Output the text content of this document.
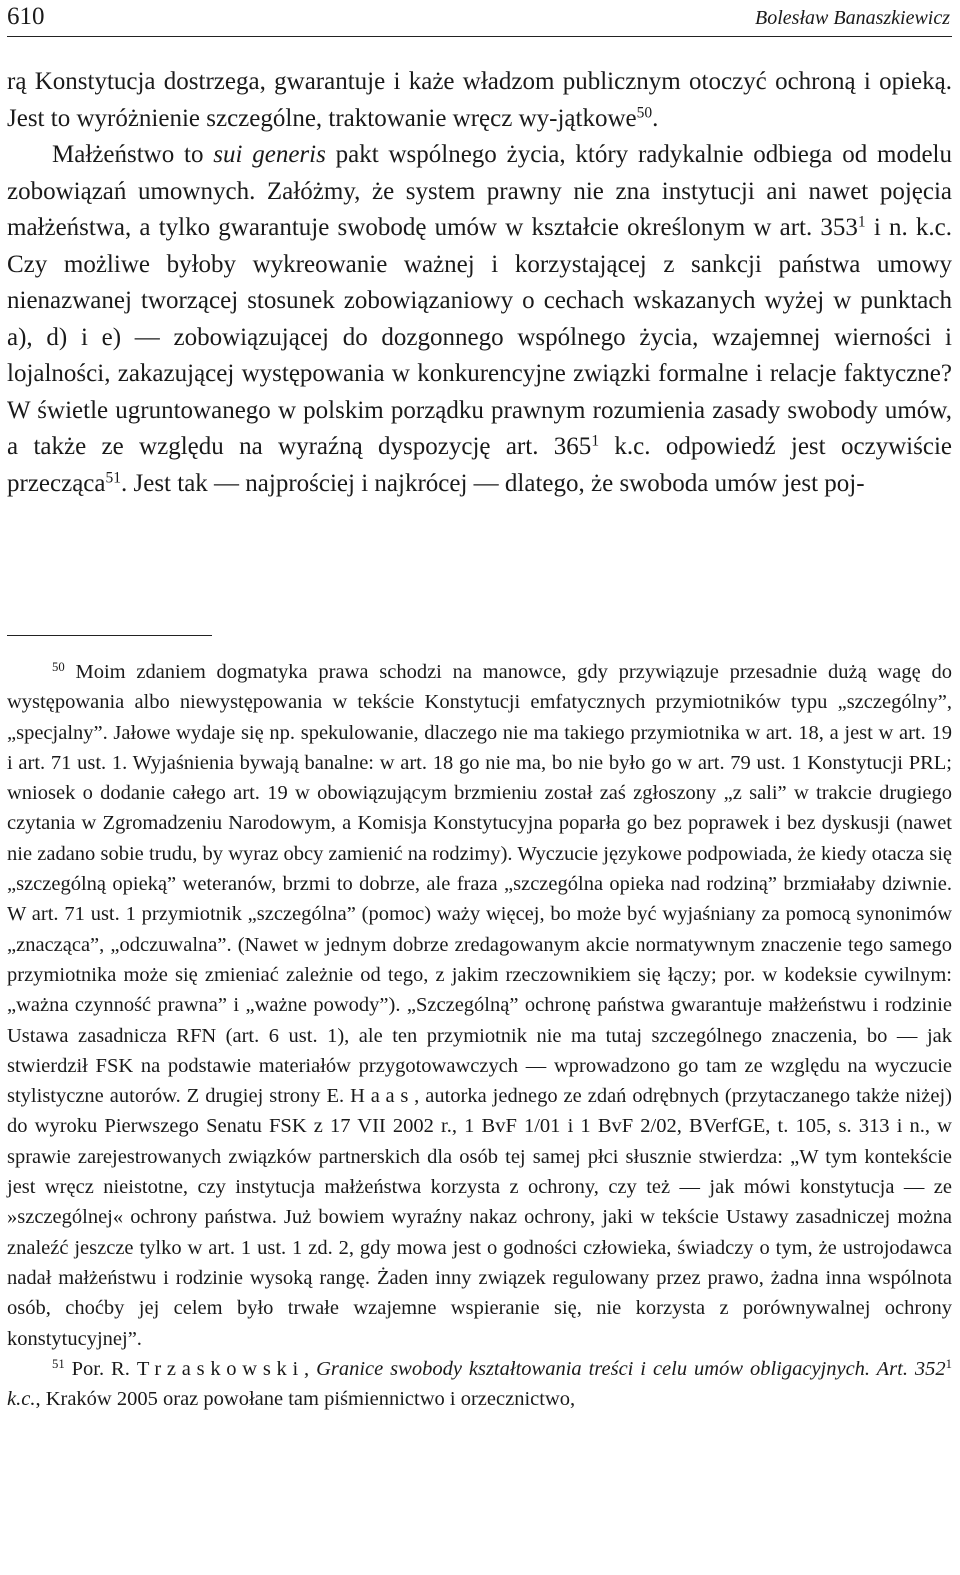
610	Bolesław Banaszkiewicz

rą Konstytucja dostrzega, gwarantuje i każe władzom publicznym otoczyć ochroną i opieką. Jest to wyróżnienie szczególne, traktowanie wręcz wy-jątkowe$^{50}$.

Małżeństwo to sui generis pakt wspólnego życia, który radykalnie odbiega od modelu zobowiązań umownych. Załóżmy, że system prawny nie zna instytucji ani nawet pojęcia małżeństwa, a tylko gwarantuje swobodę umów w kształcie określonym w art. $353^1$ i n. k.c. Czy możliwe byłoby wykreowanie ważnej i korzystającej z sankcji państwa umowy nienazwanej tworzącej stosunek zobowiązaniowy o cechach wskazanych wyżej w punktach a), d) i e) — zobowiązującej do dozgonnego wspólnego życia, wzajemnej wierności i lojalności, zakazującej występowania w konkurencyjne związki formalne i relacje faktyczne? W świetle ugruntowanego w polskim porządku prawnym rozumienia zasady swobody umów, a także ze względu na wyraźną dyspozycję art. $365^1$ k.c. odpowiedź jest oczywiście przecząca$^{51}$. Jest tak — najprościej i najkrócej — dlatego, że swoboda umów jest poj-

$^{50}$ Moim zdaniem dogmatyka prawa schodzi na manowce, gdy przywiązuje przesadnie dużą wagę do występowania albo niewystępowania w tekście Konstytucji emfatycznych przymiotników typu „szczególny”, „specjalny”. Jałowe wydaje się np. spekulowanie, dlaczego nie ma takiego przymiotnika w art. 18, a jest w art. 19 i art. 71 ust. 1. Wyjaśnienia bywają banalne: w art. 18 go nie ma, bo nie było go w art. 79 ust. 1 Konstytucji PRL; wniosek o dodanie całego art. 19 w obowiązującym brzmieniu został zaś zgłoszony „z sali” w trakcie drugiego czytania w Zgromadzeniu Narodowym, a Komisja Konstytucyjna poparła go bez poprawek i bez dyskusji (nawet nie zadano sobie trudu, by wyraz obcy zamienić na rodzimy). Wyczucie językowe podpowiada, że kiedy otacza się „szczególną opieką” weteranów, brzmi to dobrze, ale fraza „szczególna opieka nad rodziną” brzmiałaby dziwnie. W art. 71 ust. 1 przymiotnik „szczególna” (pomoc) waży więcej, bo może być wyjaśniany za pomocą synonimów „znacząca”, „odczuwalna”. (Nawet w jednym dobrze zredagowanym akcie normatywnym znaczenie tego samego przymiotnika może się zmieniać zależnie od tego, z jakim rzeczownikiem się łączy; por. w kodeksie cywilnym: „ważna czynność prawna” i „ważne powody”). „Szczególną” ochronę państwa gwarantuje małżeństwu i rodzinie Ustawa zasadnicza RFN (art. 6 ust. 1), ale ten przymiotnik nie ma tutaj szczególnego znaczenia, bo — jak stwierdził FSK na podstawie materiałów przygotowawczych — wprowadzono go tam ze względu na wyczucie stylistyczne autorów. Z drugiej strony E. Haas, autorka jednego ze zdań odrębnych (przytaczanego także niżej) do wyroku Pierwszego Senatu FSK z 17 VII 2002 r., 1 BvF 1/01 i 1 BvF 2/02, BVerfGE, t. 105, s. 313 i n., w sprawie zarejestrowanych związków partnerskich dla osób tej samej płci słusznie stwierdza: „W tym kontekście jest wręcz nieistotne, czy instytucja małżeństwa korzysta z ochrony, czy też — jak mówi konstytucja — ze »szczególnej« ochrony państwa. Już bowiem wyraźny nakaz ochrony, jaki w tekście Ustawy zasadniczej można znaleźć jeszcze tylko w art. 1 ust. 1 zd. 2, gdy mowa jest o godności człowieka, świadczy o tym, że ustrojodawca nadał małżeństwu i rodzinie wysoką rangę. Żaden inny związek regulowany przez prawo, żadna inna wspólnota osób, choćby jej celem było trwałe wzajemne wspieranie się, nie korzysta z porównywalnej ochrony konstytucyjnej”.

$^{51}$ Por. R. Trzaskowski, Granice swobody kształtowania treści i celu umów obligacyjnych. Art. $352^1$ k.c., Kraków 2005 oraz powołane tam piśmiennictwo i orzecznictwo,
